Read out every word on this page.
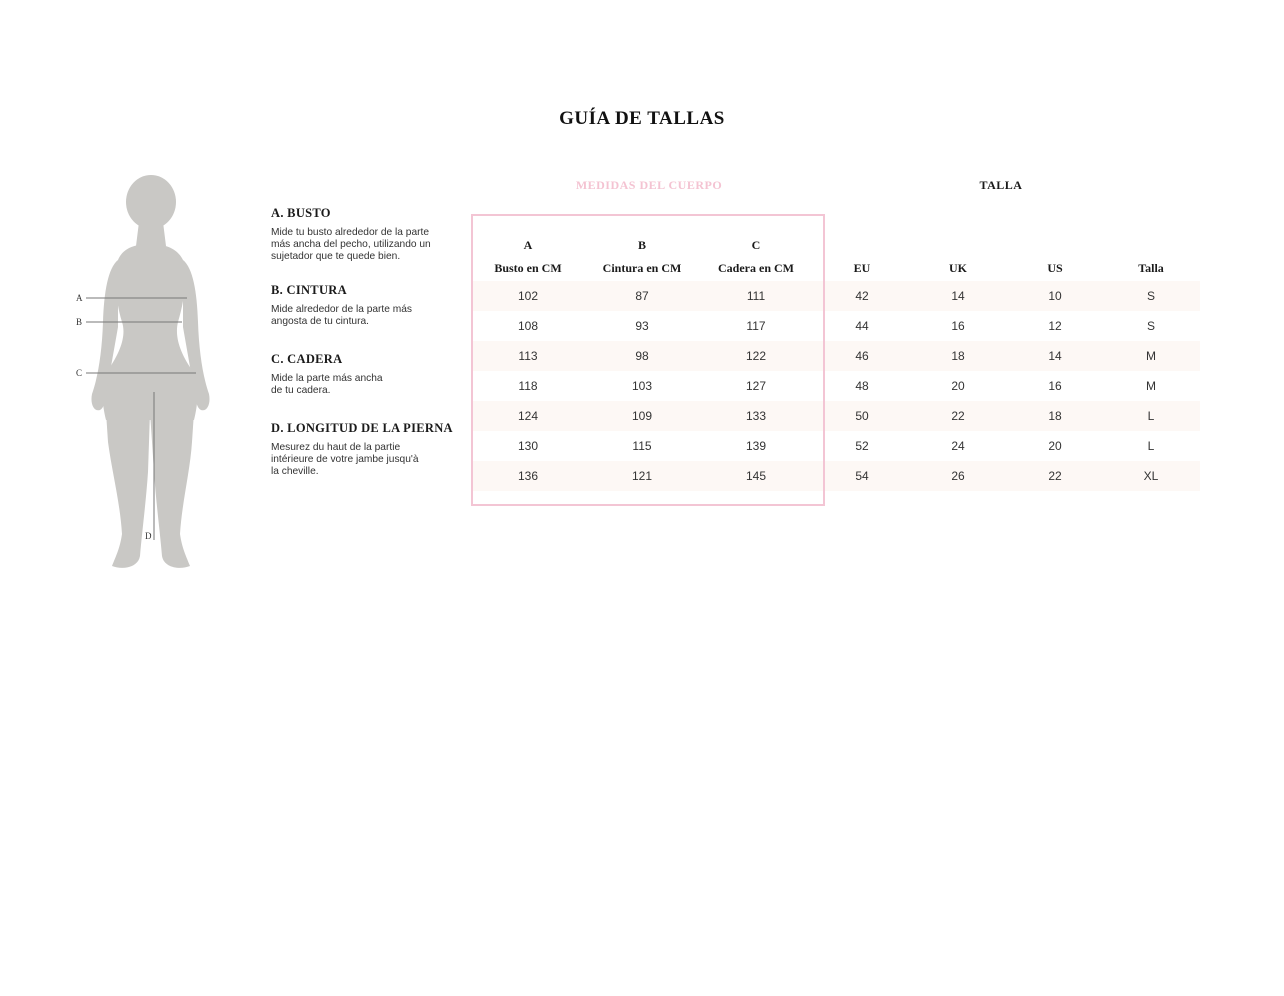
GUÍA DE TALLAS
A
B
C
D
A. BUSTO

Mide tu busto alrededor de la parte
más ancha del pecho, utilizando un
sujetador que te quede bien.

B. CINTURA

Mide alrededor de la parte más
angosta de tu cintura.

C. CADERA

Mide la parte más ancha
de tu cadera.

D. LONGITUD DE LA PIERNA

Mesurez du haut de la partie
intérieure de votre jambe jusqu'à
la cheville.

MEDIDAS DEL CUERPO	TALLA
A	B	C
Busto en CM	Cintura en CM	Cadera en CM	EU	UK	US	Talla
102	87	111	42	14	10	S
108	93	117	44	16	12	S
113	98	122	46	18	14	M
118	103	127	48	20	16	M
124	109	133	50	22	18	L
130	115	139	52	24	20	L
136	121	145	54	26	22	XL
